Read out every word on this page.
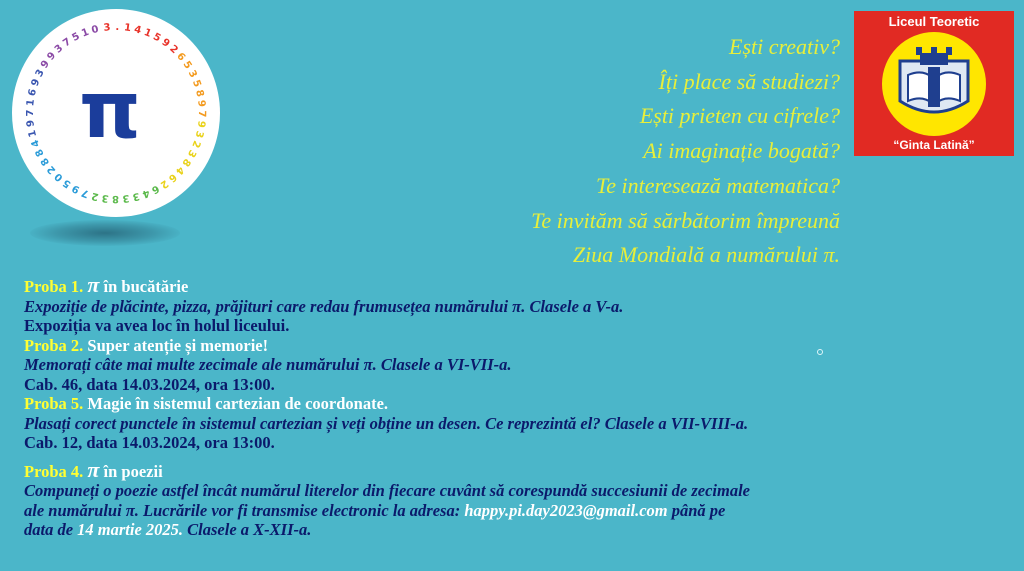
3 . 1 4 1
5
9
2
6
5
3
5
8
9
7
9
3
2
3
8
4
6
2
6
4
3
3
8
3
2
7
9
5
0
2
8
8
4
1
9
7
1
6
9
3
9
9
3
7
5
1 0
π
Ești creativ?
Îți place să studiezi?
Ești prieten cu cifrele?
Ai imaginație bogată?
Te interesează matematica?
Te invităm să sărbătorim împreună
Ziua Mondială a numărului π.
Liceul Teoretic
“Ginta Latină”
Proba 1. π în bucătărie
Expoziție de plăcinte, pizza, prăjituri care redau frumusețea numărului π. Clasele a V-a.
Expoziția va avea loc în holul liceului.
Proba 2. Super atenție și memorie!
Memorați câte mai multe zecimale ale numărului π. Clasele a VI-VII-a.
Cab. 46, data 14.03.2024, ora 13:00.
Proba 5. Magie în sistemul cartezian de coordonate.
Plasați corect punctele în sistemul cartezian și veți obține un desen. Ce reprezintă el? Clasele a VII-VIII-a.
Cab. 12, data 14.03.2024, ora 13:00.
Proba 4. π în poezii
Compuneți o poezie astfel încât numărul literelor din fiecare cuvânt să corespundă succesiunii de zecimale
ale numărului π. Lucrările vor fi transmise electronic la adresa: happy.pi.day2023@gmail.com până pe
data de 14 martie 2025. Clasele a X-XII-a.
